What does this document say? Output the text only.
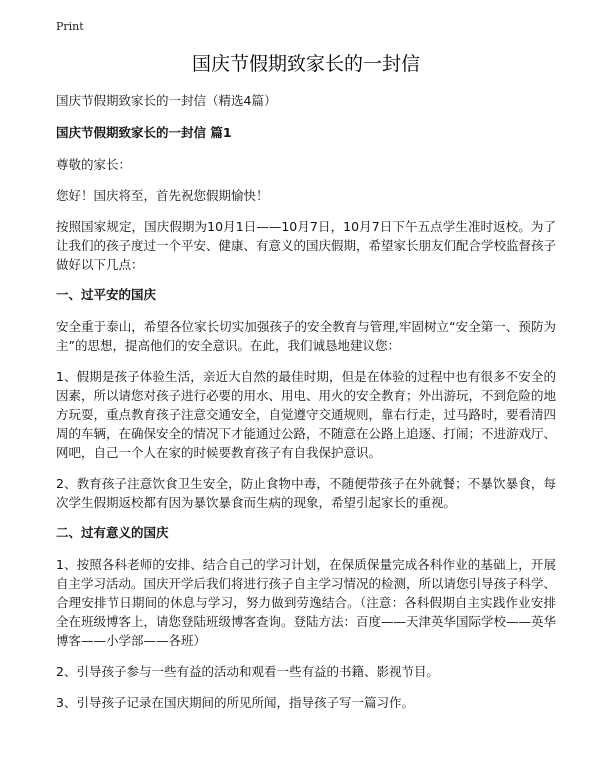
Print
国庆节假期致家长的一封信
国庆节假期致家长的一封信（精选4篇）
国庆节假期致家长的一封信 篇1

尊敬的家长：

您好！国庆将至，首先祝您假期愉快！

按照国家规定，国庆假期为10月1日——10月7日，10月7日下午五点学生准时返校。为了让我们的孩子度过一个平安、健康、有意义的国庆假期，希望家长朋友们配合学校监督孩子做好以下几点：

一、过平安的国庆

安全重于泰山，希望各位家长切实加强孩子的安全教育与管理,牢固树立“安全第一、预防为主”的思想，提高他们的安全意识。在此，我们诚恳地建议您：

1、假期是孩子体验生活，亲近大自然的最佳时期，但是在体验的过程中也有很多不安全的因素，所以请您对孩子进行必要的用水、用电、用火的安全教育；外出游玩，不到危险的地方玩耍，重点教育孩子注意交通安全，自觉遵守交通规则，靠右行走，过马路时，要看清四周的车辆，在确保安全的情况下才能通过公路，不随意在公路上追逐、打闹；不进游戏厅、网吧，自己一个人在家的时候要教育孩子有自我保护意识。

2、教育孩子注意饮食卫生安全，防止食物中毒，不随便带孩子在外就餐；不暴饮暴食，每次学生假期返校都有因为暴饮暴食而生病的现象，希望引起家长的重视。

二、过有意义的国庆

1、按照各科老师的安排、结合自己的学习计划，在保质保量完成各科作业的基础上，开展自主学习活动。国庆开学后我们将进行孩子自主学习情况的检测，所以请您引导孩子科学、合理安排节日期间的休息与学习，努力做到劳逸结合。（注意：各科假期自主实践作业安排全在班级博客上，请您登陆班级博客查询。登陆方法：百度——天津英华国际学校——英华博客——小学部——各班）

2、引导孩子参与一些有益的活动和观看一些有益的书籍、影视节目。

3、引导孩子记录在国庆期间的所见所闻，指导孩子写一篇习作。
